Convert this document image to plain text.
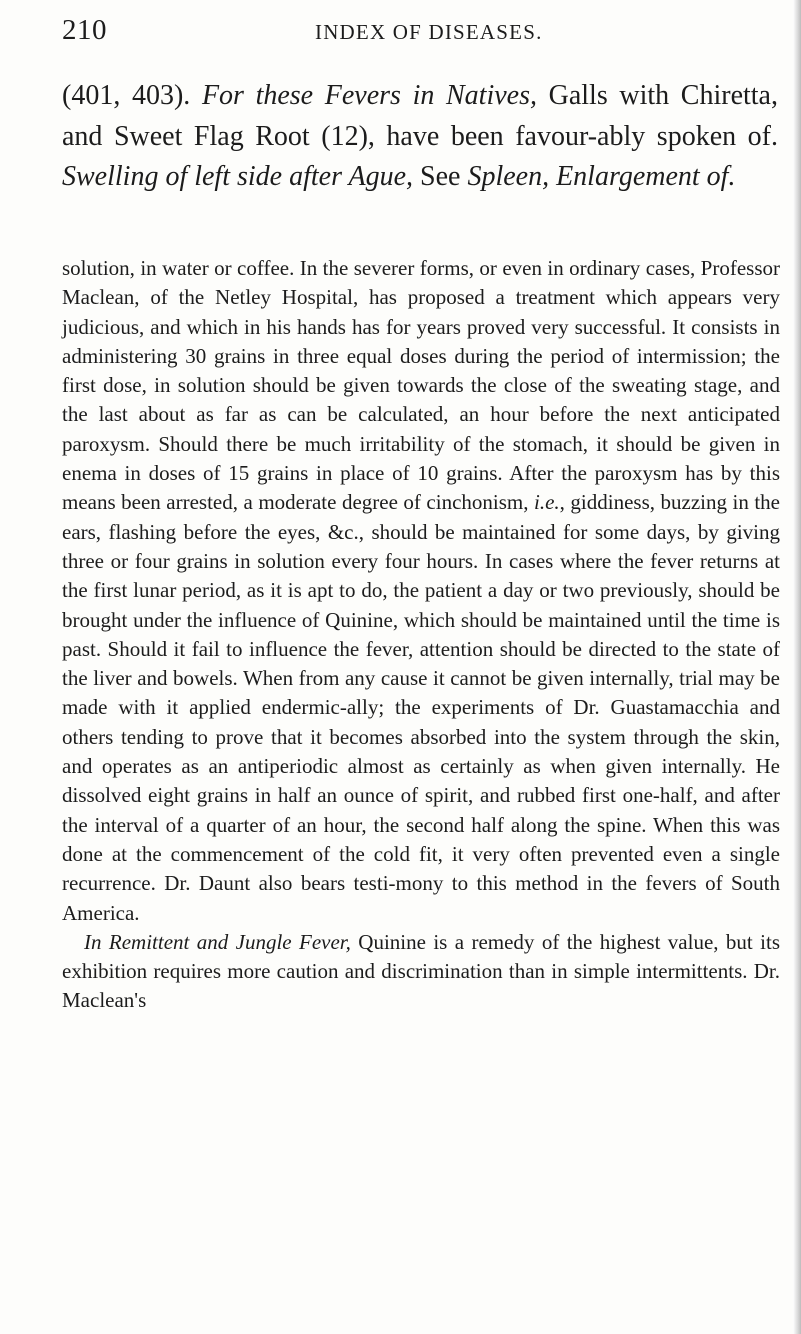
210	INDEX OF DISEASES.

(401, 403). For these Fevers in Natives, Galls with Chiretta, and Sweet Flag Root (12), have been favour-ably spoken of. Swelling of left side after Ague, See Spleen, Enlargement of.

solution, in water or coffee. In the severer forms, or even in ordinary cases, Professor Maclean, of the Netley Hospital, has proposed a treatment which appears very judicious, and which in his hands has for years proved very successful. It consists in administering 30 grains in three equal doses during the period of intermission; the first dose, in solution should be given towards the close of the sweating stage, and the last about as far as can be calculated, an hour before the next anticipated paroxysm. Should there be much irritability of the stomach, it should be given in enema in doses of 15 grains in place of 10 grains. After the paroxysm has by this means been arrested, a moderate degree of cinchonism, i.e., giddiness, buzzing in the ears, flashing before the eyes, &c., should be maintained for some days, by giving three or four grains in solution every four hours. In cases where the fever returns at the first lunar period, as it is apt to do, the patient a day or two previously, should be brought under the influence of Quinine, which should be maintained until the time is past. Should it fail to influence the fever, attention should be directed to the state of the liver and bowels. When from any cause it cannot be given internally, trial may be made with it applied endermic-ally; the experiments of Dr. Guastamacchia and others tending to prove that it becomes absorbed into the system through the skin, and operates as an antiperiodic almost as certainly as when given internally. He dissolved eight grains in half an ounce of spirit, and rubbed first one-half, and after the interval of a quarter of an hour, the second half along the spine. When this was done at the commencement of the cold fit, it very often prevented even a single recurrence. Dr. Daunt also bears testi-mony to this method in the fevers of South America.

In Remittent and Jungle Fever, Quinine is a remedy of the highest value, but its exhibition requires more caution and discrimination than in simple intermittents. Dr. Maclean's
